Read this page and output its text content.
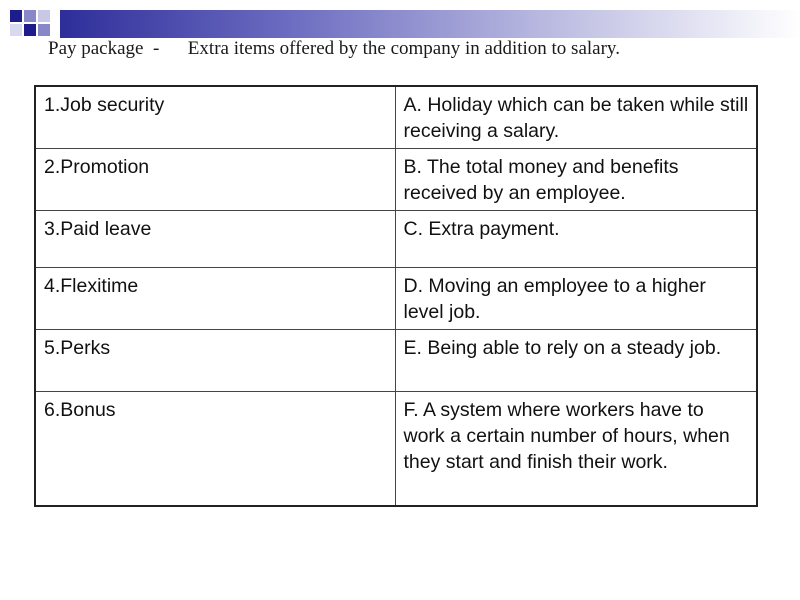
Pay package  -      Extra items offered by the company in addition to salary.
1.Job security	A. Holiday which can be taken while still receiving a salary.
2.Promotion	B. The total money and benefits received by an employee.
3.Paid leave	C. Extra payment.
4.Flexitime	D. Moving an employee to a higher level job.
5.Perks	E. Being able to rely on a steady job.
6.Bonus	F. A system where workers have to work a certain number of hours, when they start and finish their work.
